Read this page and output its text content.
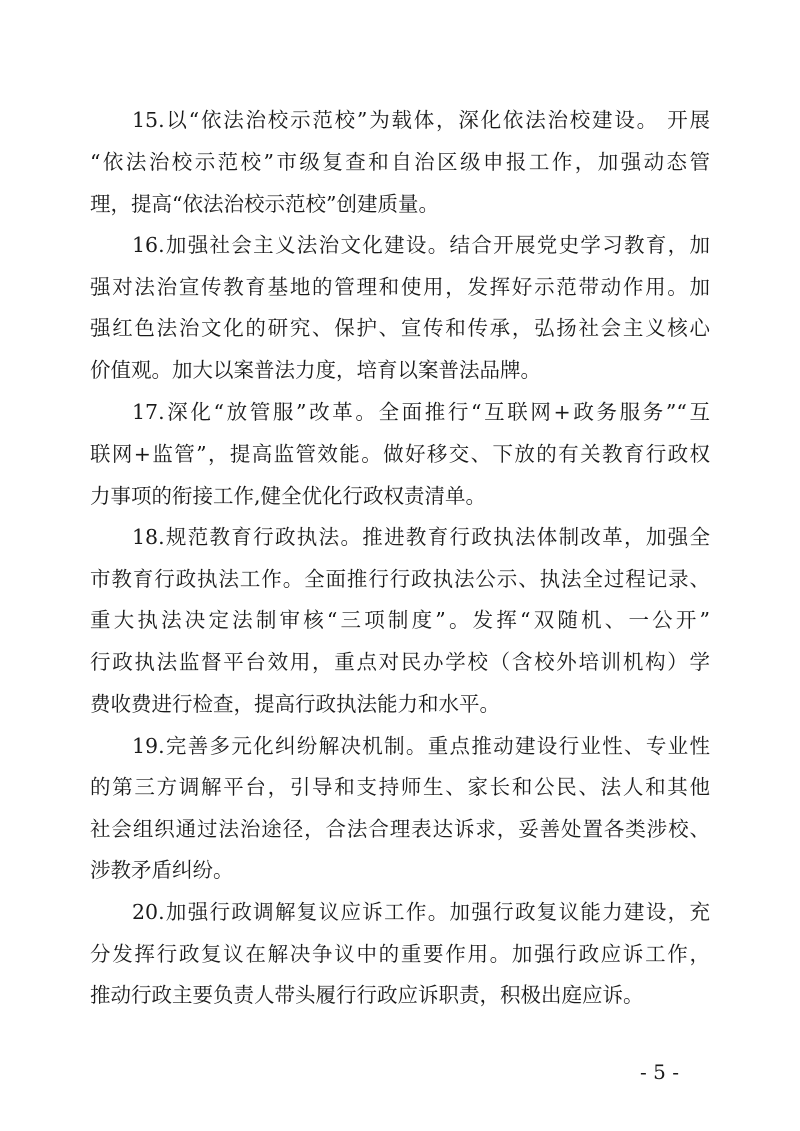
15.以“依法治校示范校”为载体，深化依法治校建设。 开展
“依法治校示范校”市级复查和自治区级申报工作，加强动态管
理，提高“依法治校示范校”创建质量。
16.加强社会主义法治文化建设。结合开展党史学习教育，加
强对法治宣传教育基地的管理和使用，发挥好示范带动作用。加
强红色法治文化的研究、保护、宣传和传承，弘扬社会主义核心
价值观。加大以案普法力度，培育以案普法品牌。
17.深化“放管服”改革。全面推行“互联网+政务服务”“互
联网+监管”，提高监管效能。做好移交、下放的有关教育行政权
力事项的衔接工作,健全优化行政权责清单。
18.规范教育行政执法。推进教育行政执法体制改革，加强全
市教育行政执法工作。全面推行行政执法公示、执法全过程记录、
重大执法决定法制审核“三项制度”。发挥“双随机、一公开”
行政执法监督平台效用，重点对民办学校（含校外培训机构）学
费收费进行检查，提高行政执法能力和水平。
19.完善多元化纠纷解决机制。重点推动建设行业性、专业性
的第三方调解平台，引导和支持师生、家长和公民、法人和其他
社会组织通过法治途径，合法合理表达诉求，妥善处置各类涉校、
涉教矛盾纠纷。
20.加强行政调解复议应诉工作。加强行政复议能力建设，充
分发挥行政复议在解决争议中的重要作用。加强行政应诉工作，
推动行政主要负责人带头履行行政应诉职责，积极出庭应诉。
- 5 -
